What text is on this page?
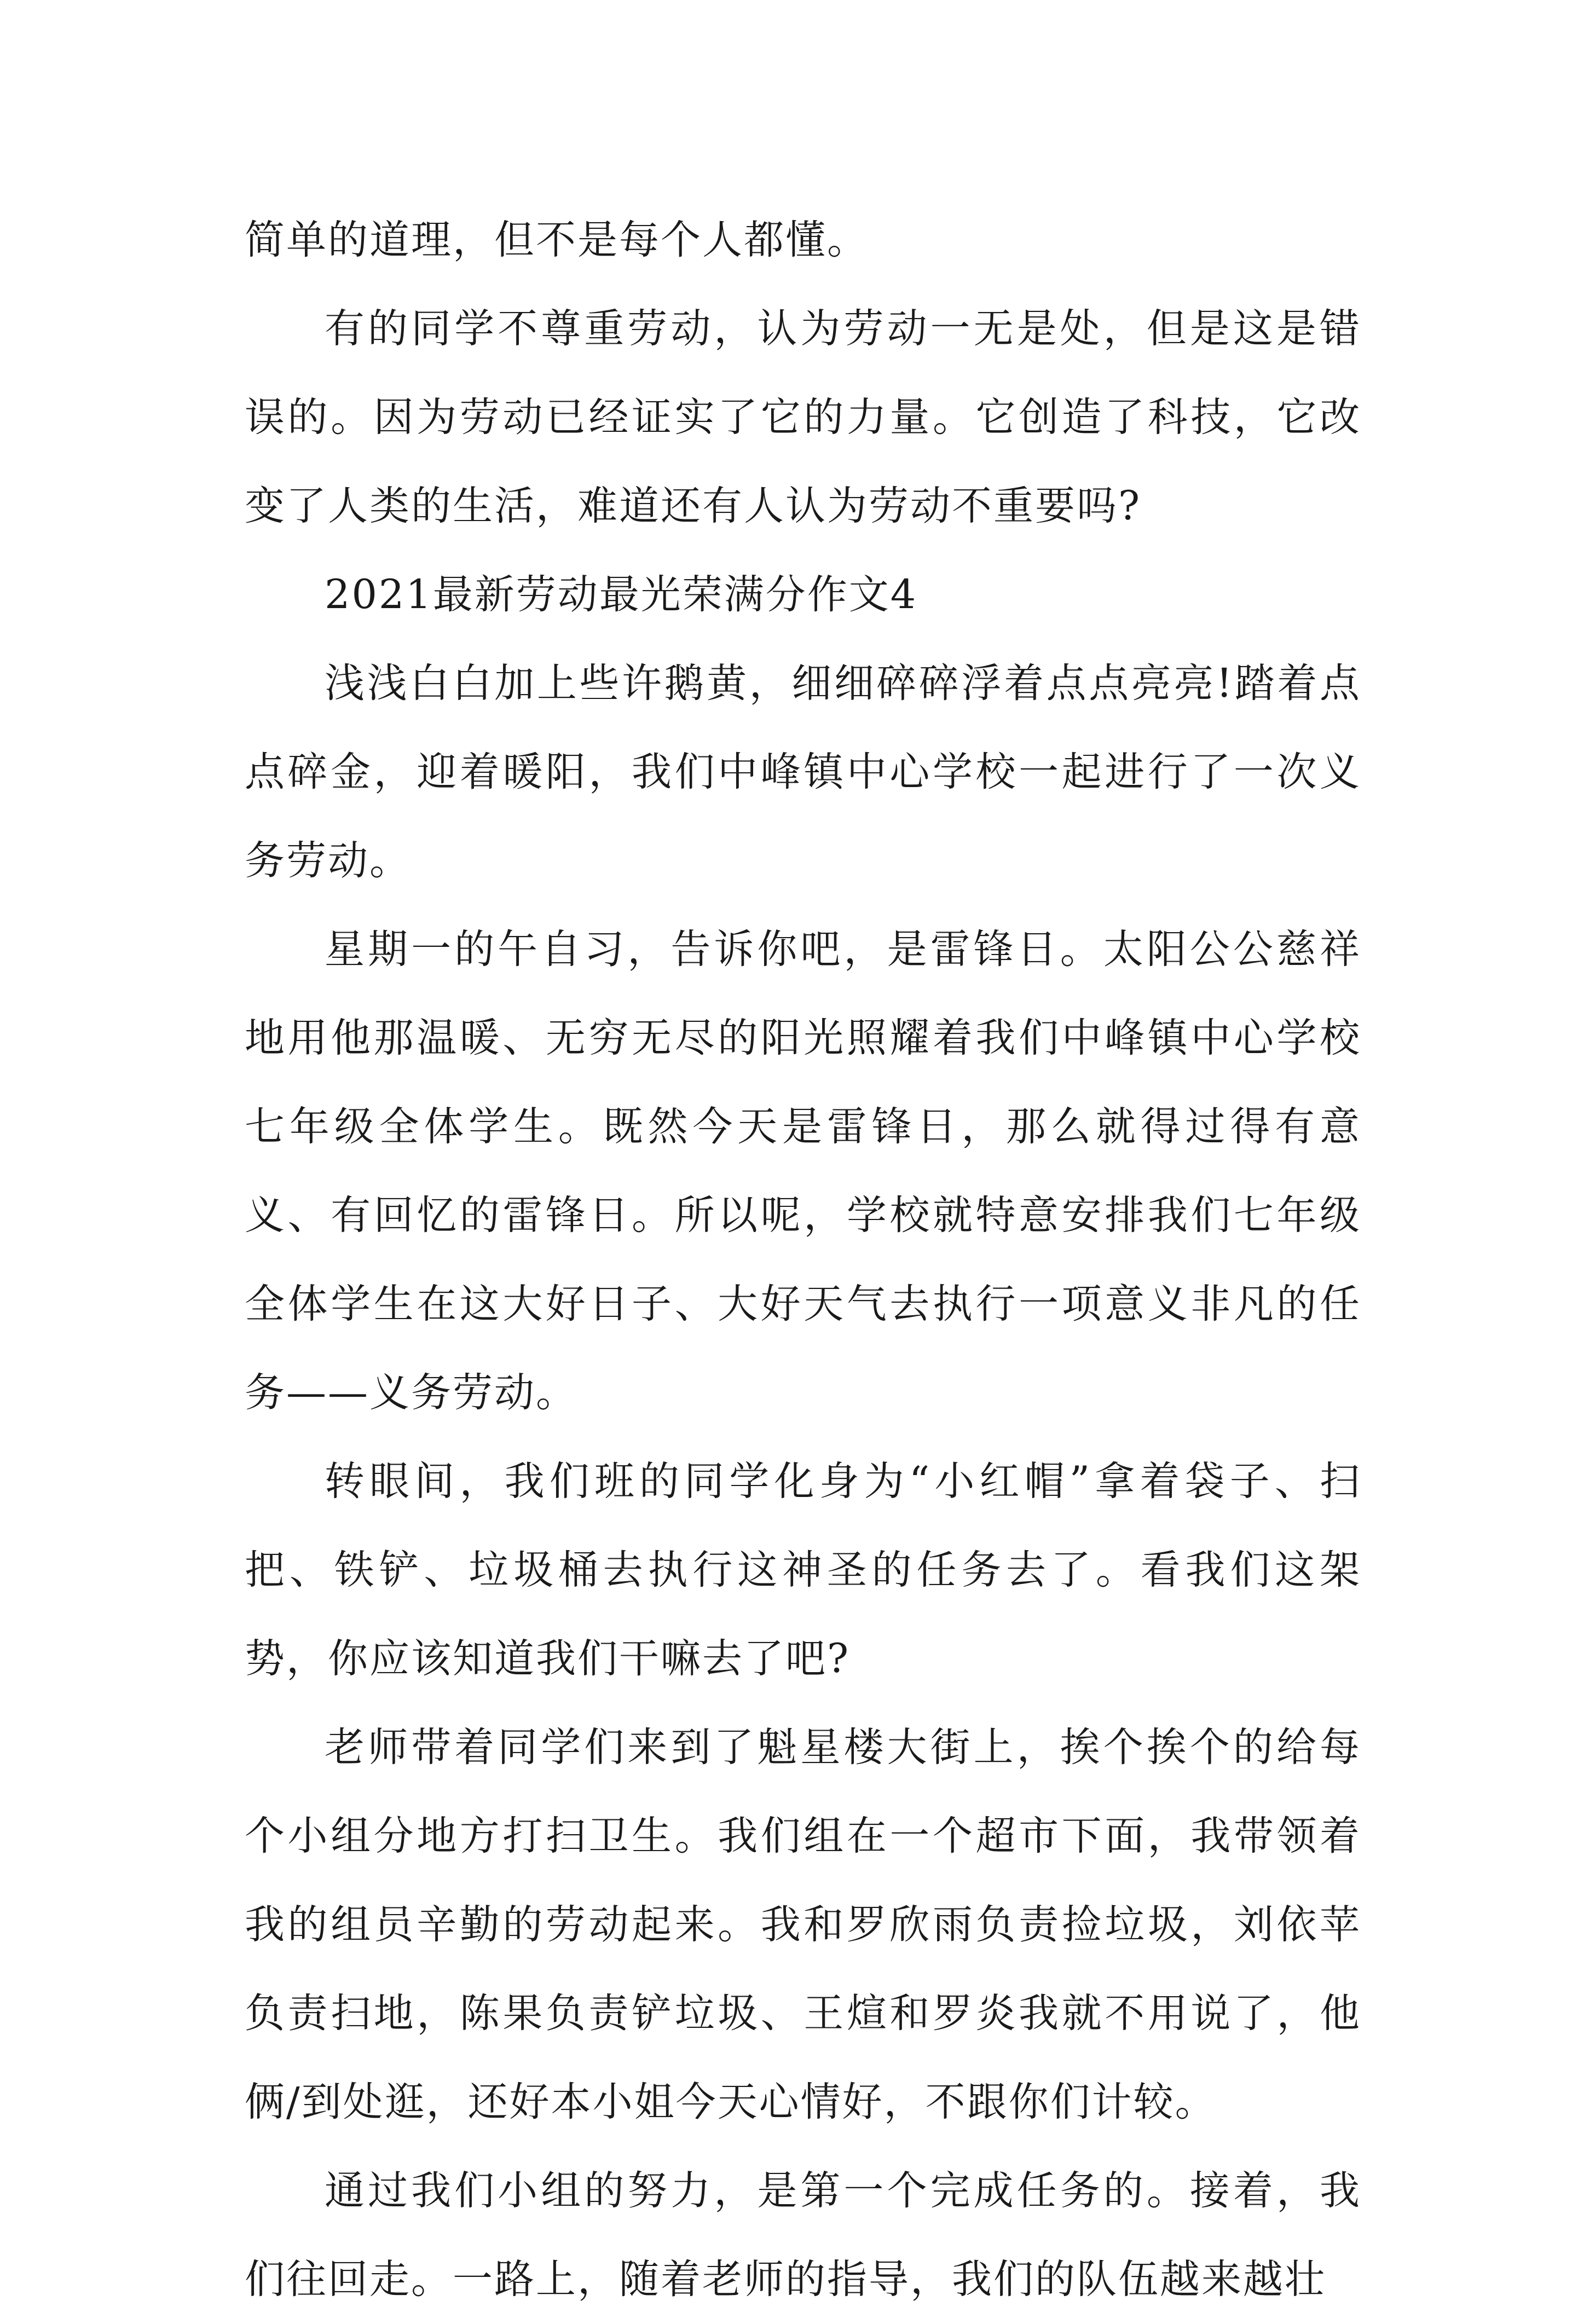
简单的道理，但不是每个人都懂。

有的同学不尊重劳动，认为劳动一无是处，但是这是错误的。因为劳动已经证实了它的力量。它创造了科技，它改变了人类的生活，难道还有人认为劳动不重要吗?

2021最新劳动最光荣满分作文4

浅浅白白加上些许鹅黄，细细碎碎浮着点点亮亮!踏着点点碎金，迎着暖阳，我们中峰镇中心学校一起进行了一次义务劳动。

星期一的午自习，告诉你吧，是雷锋日。太阳公公慈祥地用他那温暖、无穷无尽的阳光照耀着我们中峰镇中心学校七年级全体学生。既然今天是雷锋日，那么就得过得有意义、有回忆的雷锋日。所以呢，学校就特意安排我们七年级全体学生在这大好日子、大好天气去执行一项意义非凡的任务——义务劳动。

转眼间，我们班的同学化身为“小红帽”拿着袋子、扫把、铁铲、垃圾桶去执行这神圣的任务去了。看我们这架势，你应该知道我们干嘛去了吧?

老师带着同学们来到了魁星楼大街上，挨个挨个的给每个小组分地方打扫卫生。我们组在一个超市下面，我带领着我的组员辛勤的劳动起来。我和罗欣雨负责捡垃圾，刘依苹负责扫地，陈果负责铲垃圾、王煊和罗炎我就不用说了，他俩/到处逛，还好本小姐今天心情好，不跟你们计较。

通过我们小组的努力，是第一个完成任务的。接着，我们往回走。一路上，随着老师的指导，我们的队伍越来越壮
